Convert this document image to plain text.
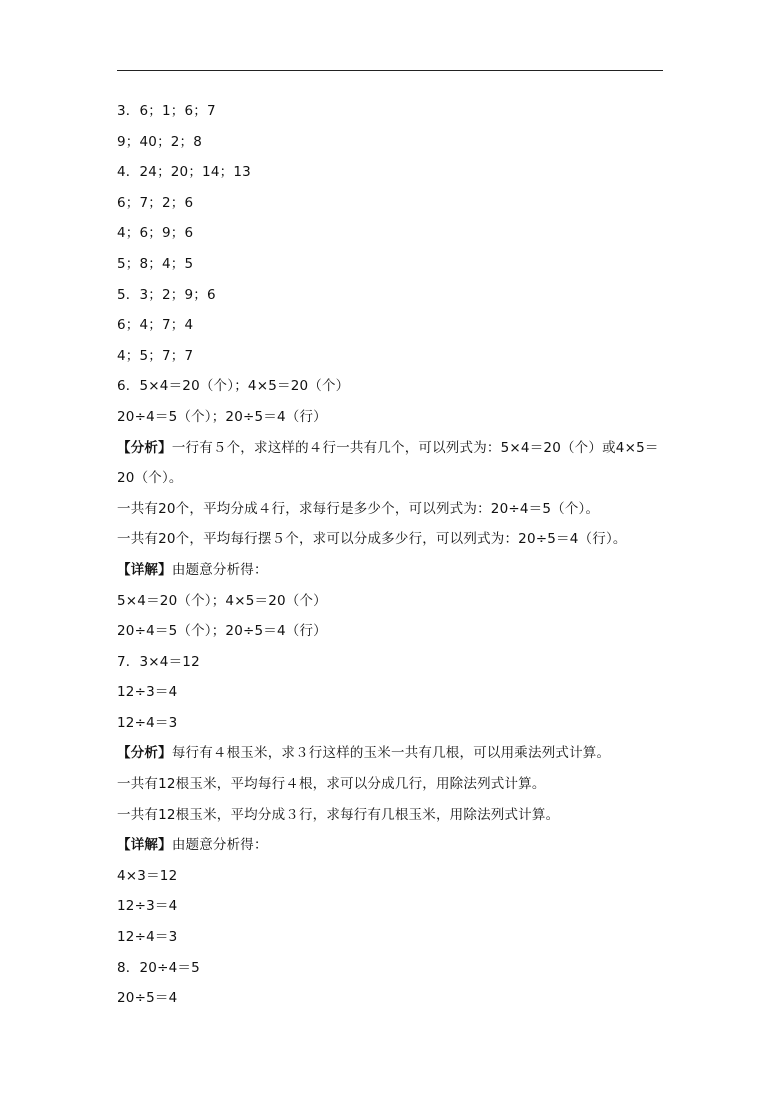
3．6；1；6；7
9；40；2；8
4．24；20；14；13
6；7；2；6
4；6；9；6
5；8；4；5
5．3；2；9；6
6；4；7；4
4；5；7；7
6．5×4＝20（个）；4×5＝20（个）
20÷4＝5（个）；20÷5＝4（行）
【分析】一行有５个，求这样的４行一共有几个，可以列式为：5×4＝20（个）或4×5＝20（个）。
一共有20个，平均分成４行，求每行是多少个，可以列式为：20÷4＝5（个）。
一共有20个，平均每行摆５个，求可以分成多少行，可以列式为：20÷5＝4（行）。
【详解】由题意分析得：
5×4＝20（个）；4×5＝20（个）
20÷4＝5（个）；20÷5＝4（行）
7．3×4＝12
12÷3＝4
12÷4＝3
【分析】每行有４根玉米，求３行这样的玉米一共有几根，可以用乘法列式计算。
一共有12根玉米，平均每行４根，求可以分成几行，用除法列式计算。
一共有12根玉米，平均分成３行，求每行有几根玉米，用除法列式计算。
【详解】由题意分析得：
4×3＝12
12÷3＝4
12÷4＝3
8．20÷4＝5
20÷5＝4
